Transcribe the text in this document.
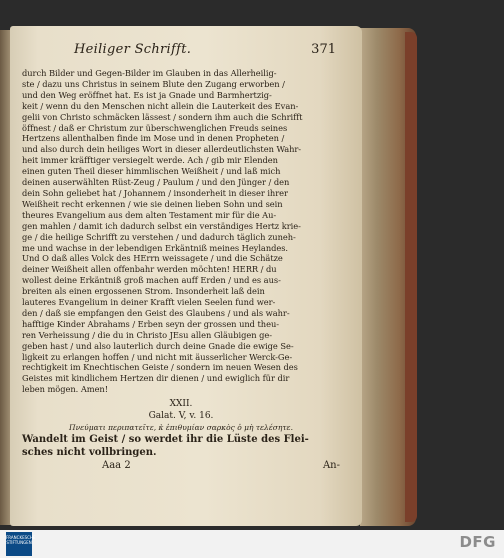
Heiliger Schrifft.	371
durch Bilder und Gegen-Bilder im Glauben in das Allerheilig-
ste / dazu uns Christus in seinem Blute den Zugang erworben /
und den Weg eröffnet hat. Es ist ja Gnade und Barmhertzig-
keit / wenn du den Menschen nicht allein die Lauterkeit des Evan-
gelii von Christo schmäcken lässest / sondern ihm auch die Schrifft
öffnest / daß er Christum zur überschwenglichen Freuds seines
Hertzens allenthalben finde im Mose und in denen Propheten /
und also durch dein heiliges Wort in dieser allerdeutlichsten Wahr-
heit immer kräfftiger versiegelt werde. Ach / gib mir Elenden
einen guten Theil dieser himmlischen Weißheit / und laß mich
deinen auserwählten Rüst-Zeug / Paulum / und den Jünger / den
dein Sohn geliebet hat / Johannem / insonderheit in dieser ihrer
Weißheit recht erkennen / wie sie deinen lieben Sohn und sein
theures Evangelium aus dem alten Testament mir für die Au-
gen mahlen / damit ich dadurch selbst ein verständiges Hertz krie-
ge / die heilige Schrifft zu verstehen / und dadurch täglich zuneh-
me und wachse in der lebendigen Erkäntniß meines Heylandes.
Und O daß alles Volck des HErrn weissagete / und die Schätze
deiner Weißheit allen offenbahr werden möchten! HERR / du
wollest deine Erkäntniß groß machen auff Erden / und es aus-
breiten als einen ergossenen Strom. Insonderheit laß dein
lauteres Evangelium in deiner Krafft vielen Seelen fund wer-
den / daß sie empfangen den Geist des Glaubens / und als wahr-
hafftige Kinder Abrahams / Erben seyn der grossen und theu-
ren Verheissung / die du in Christo JEsu allen Gläubigen ge-
geben hast / und also lauterlich durch deine Gnade die ewige Se-
ligkeit zu erlangen hoffen / und nicht mit äusserlicher Werck-Ge-
rechtigkeit im Knechtischen Geiste / sondern im neuen Wesen des
Geistes mit kindlichem Hertzen dir dienen / und ewiglich für dir
leben mögen. Amen!
XXII.
Galat. V, v. 16.
Πνεύματι περιπατεῖτε, κ̀ ἐπιθυμίαν σαρκὸς ὀ μὴ τελέσητε.
Wandelt im Geist / so werdet ihr die Lüste des Flei-
sches nicht vollbringen.
Aaa 2	An-
FRANCKESCHE STIFTUNGEN	DFG
